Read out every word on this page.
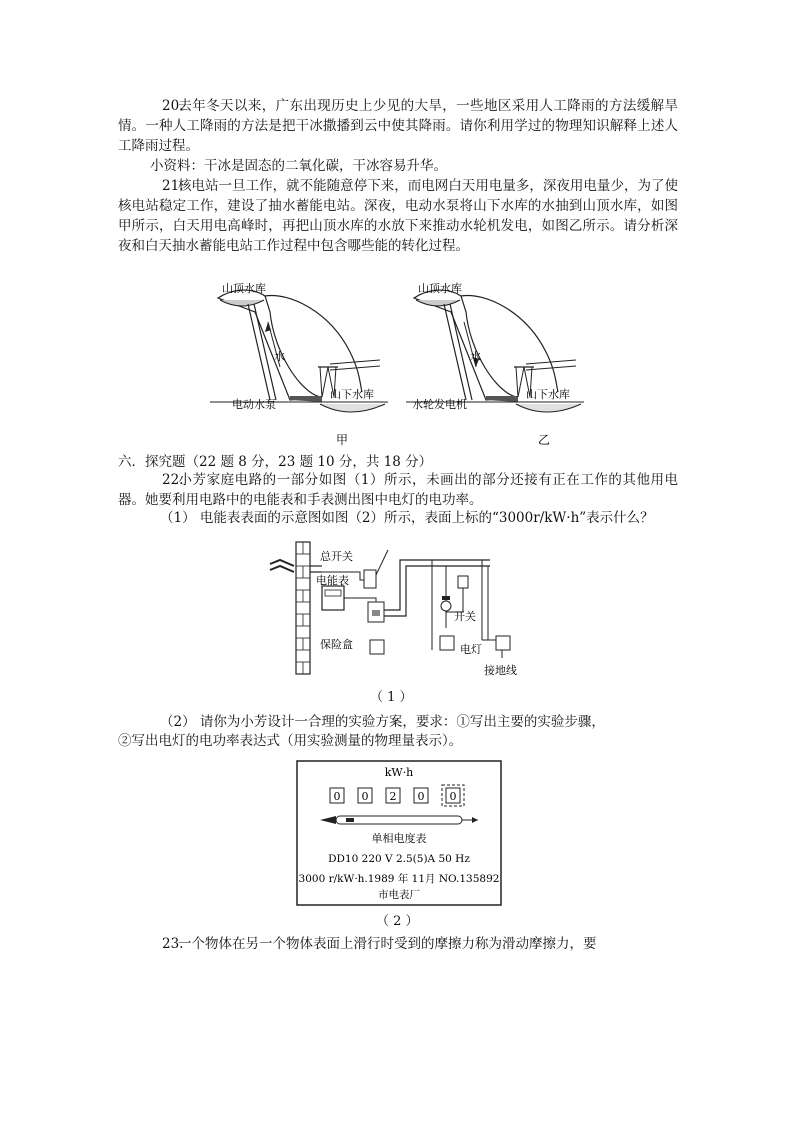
20.去年冬天以来，广东出现历史上少见的大旱，一些地区采用人工降雨的方法缓解旱情。一种人工降雨的方法是把干冰撒播到云中使其降雨。请你利用学过的物理知识解释上述人工降雨过程。

小资料：干冰是固态的二氧化碳，干冰容易升华。

21.核电站一旦工作，就不能随意停下来，而电网白天用电量多，深夜用电量少，为了使核电站稳定工作，建设了抽水蓄能电站。深夜，电动水泵将山下水库的水抽到山顶水库，如图甲所示，白天用电高峰时，再把山顶水库的水放下来推动水轮机发电，如图乙所示。请分析深夜和白天抽水蓄能电站工作过程中包含哪些能的转化过程。

山顶水库
水
山下水库
电动水泵
甲
山顶水库
水
山下水库
水轮发电机
乙

六．探究题（22 题 8 分，23 题 10 分，共 18 分）

22.小芳家庭电路的一部分如图（1）所示，未画出的部分还接有正在工作的其他用电器。她要利用电路中的电能表和手表测出图中电灯的电功率。

（1） 电能表表面的示意图如图（2）所示，表面上标的“3000r/kW·h”表示什么？

总开关
电能表
保险盒
开关
电灯
接地线
（ 1 ）

（2） 请你为小芳设计一合理的实验方案，要求：①写出主要的实验步骤，

②写出电灯的电功率表达式（用实验测量的物理量表示）。

kW·h
0 0 2 0 0
单相电度表
DD10 220 V 2.5(5)A 50 Hz
3000 r/kW·h.1989 年 11月 NO.135892
市电表厂
（ 2 ）

23.一个物体在另一个物体表面上滑行时受到的摩擦力称为滑动摩擦力，要
